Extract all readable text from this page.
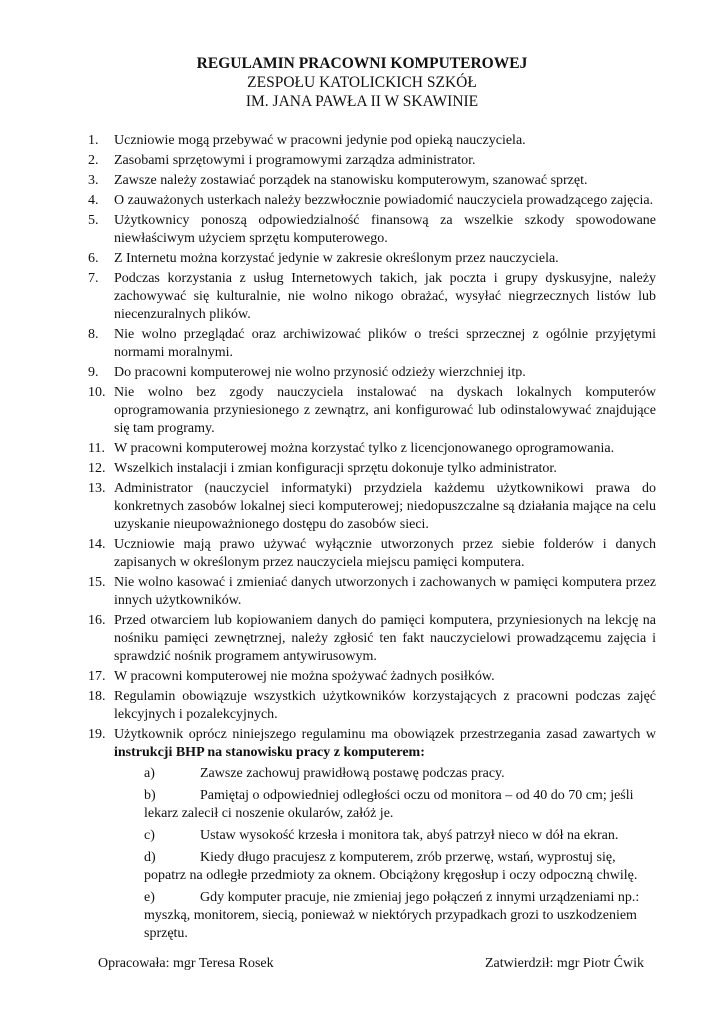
REGULAMIN PRACOWNI KOMPUTEROWEJ
ZESPOŁU KATOLICKICH SZKÓŁ
IM. JANA PAWŁA II W SKAWINIE
1. Uczniowie mogą przebywać w pracowni jedynie pod opieką nauczyciela.
2. Zasobami sprzętowymi i programowymi zarządza administrator.
3. Zawsze należy zostawiać porządek na stanowisku komputerowym, szanować sprzęt.
4. O zauważonych usterkach należy bezzwłocznie powiadomić nauczyciela prowadzącego zajęcia.
5. Użytkownicy ponoszą odpowiedzialność finansową za wszelkie szkody spowodowane niewłaściwym użyciem sprzętu komputerowego.
6. Z Internetu można korzystać jedynie w zakresie określonym przez nauczyciela.
7. Podczas korzystania z usług Internetowych takich, jak poczta i grupy dyskusyjne, należy zachowywać się kulturalnie, nie wolno nikogo obrażać, wysyłać niegrzecznych listów lub niecenzuralnych plików.
8. Nie wolno przeglądać oraz archiwizować plików o treści sprzecznej z ogólnie przyjętymi normami moralnymi.
9. Do pracowni komputerowej nie wolno przynosić odzieży wierzchniej itp.
10. Nie wolno bez zgody nauczyciela instalować na dyskach lokalnych komputerów oprogramowania przyniesionego z zewnątrz, ani konfigurować lub odinstalowywać znajdujące się tam programy.
11. W pracowni komputerowej można korzystać tylko z licencjonowanego oprogramowania.
12. Wszelkich instalacji i zmian konfiguracji sprzętu dokonuje tylko administrator.
13. Administrator (nauczyciel informatyki) przydziela każdemu użytkownikowi prawa do konkretnych zasobów lokalnej sieci komputerowej; niedopuszczalne są działania mające na celu uzyskanie nieupoważnionego dostępu do zasobów sieci.
14. Uczniowie mają prawo używać wyłącznie utworzonych przez siebie folderów i danych zapisanych w określonym przez nauczyciela miejscu pamięci komputera.
15. Nie wolno kasować i zmieniać danych utworzonych i zachowanych w pamięci komputera przez innych użytkowników.
16. Przed otwarciem lub kopiowaniem danych do pamięci komputera, przyniesionych na lekcję na nośniku pamięci zewnętrznej, należy zgłosić ten fakt nauczycielowi prowadzącemu zajęcia i sprawdzić nośnik programem antywirusowym.
17. W pracowni komputerowej nie można spożywać żadnych posiłków.
18. Regulamin obowiązuje wszystkich użytkowników korzystających z pracowni podczas zajęć lekcyjnych i pozalekcyjnych.
19. Użytkownik oprócz niniejszego regulaminu ma obowiązek przestrzegania zasad zawartych w instrukcji BHP na stanowisku pracy z komputerem:
a)	Zawsze zachowuj prawidłową postawę podczas pracy.
b)	Pamiętaj o odpowiedniej odległości oczu od monitora – od 40 do 70 cm; jeśli lekarz zalecił ci noszenie okularów, załóż je.
c)	Ustaw wysokość krzesła i monitora tak, abyś patrzył nieco w dół na ekran.
d)	Kiedy długo pracujesz z komputerem, zrób przerwę, wstań, wyprostuj się, popatrz na odległe przedmioty za oknem. Obciążony kręgosłup i oczy odpoczną chwilę.
e)	Gdy komputer pracuje, nie zmieniaj jego połączeń z innymi urządzeniami np.: myszką, monitorem, siecią, ponieważ w niektórych przypadkach grozi to uszkodzeniem sprzętu.
Opracowała: mgr Teresa Rosek	Zatwierdził: mgr Piotr Ćwik
